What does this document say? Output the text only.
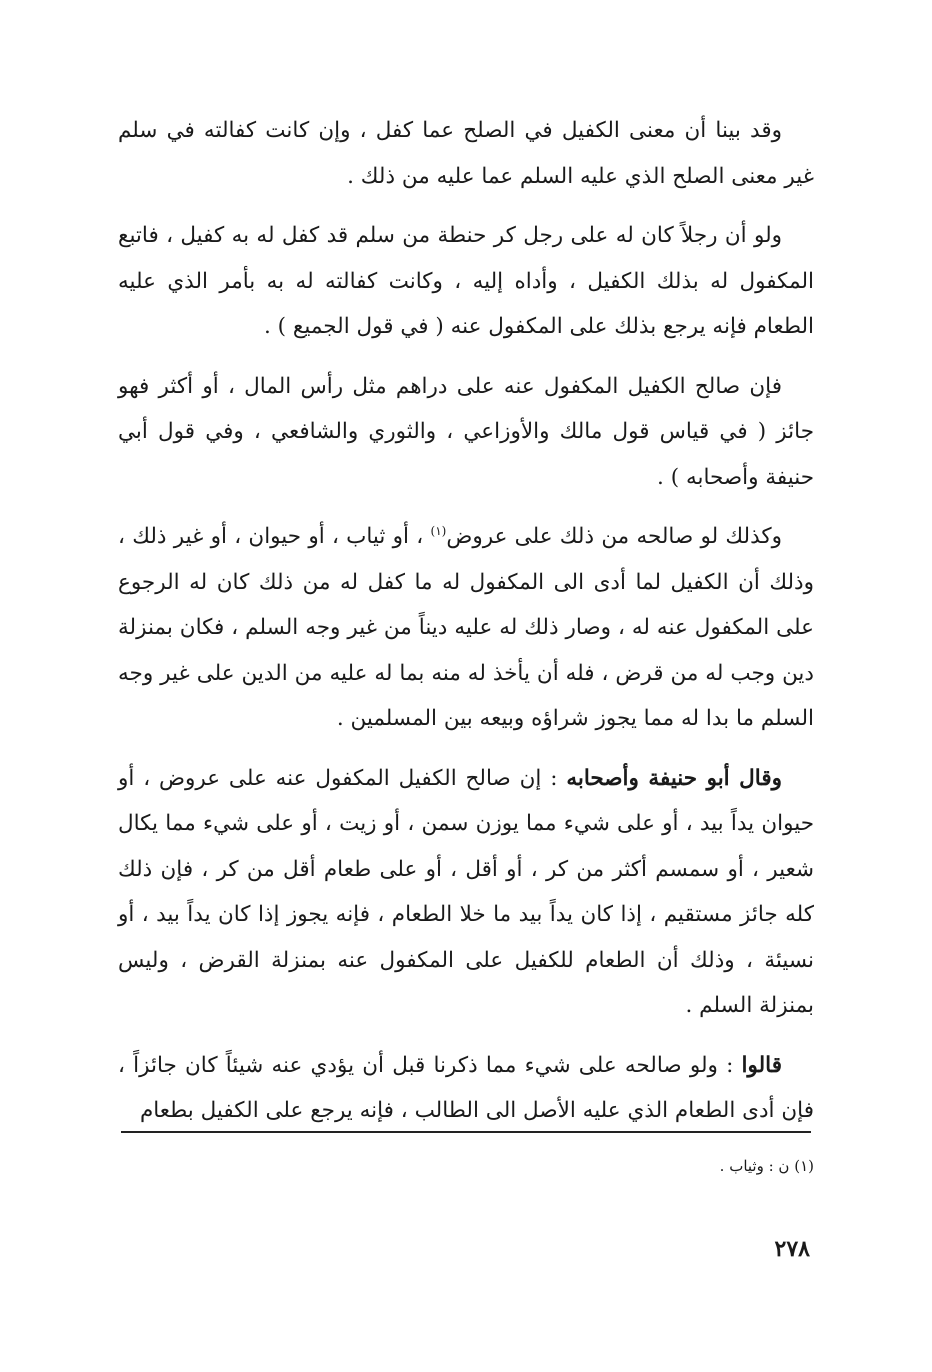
وقد بينا أن معنى الكفيل في الصلح عما كفل ، وإن كانت كفالته في سلم غير معنى الصلح الذي عليه السلم عما عليه من ذلك .

ولو أن رجلاً كان له على رجل كر حنطة من سلم قد كفل له به كفيل ، فاتبع المكفول له بذلك الكفيل ، وأداه إليه ، وكانت كفالته له به بأمر الذي عليه الطعام فإنه يرجع بذلك على المكفول عنه ( في قول الجميع ) .

فإن صالح الكفيل المكفول عنه على دراهم مثل رأس المال ، أو أكثر فهو جائز ( في قياس قول مالك والأوزاعي ، والثوري والشافعي ، وفي قول أبي حنيفة وأصحابه ) .

وكذلك لو صالحه من ذلك على عروض$^{(١)}$ ، أو ثياب ، أو حيوان ، أو غير ذلك ، وذلك أن الكفيل لما أدى الى المكفول له ما كفل له من ذلك كان له الرجوع على المكفول عنه له ، وصار ذلك له عليه ديناً من غير وجه السلم ، فكان بمنزلة دين وجب له من قرض ، فله أن يأخذ له منه بما له عليه من الدين على غير وجه السلم ما بدا له مما يجوز شراؤه وبيعه بين المسلمين .

وقال أبو حنيفة وأصحابه : إن صالح الكفيل المكفول عنه على عروض ، أو حيوان يداً بيد ، أو على شيء مما يوزن سمن ، أو زيت ، أو على شيء مما يكال شعير ، أو سمسم أكثر من كر ، أو أقل ، أو على طعام أقل من كر ، فإن ذلك كله جائز مستقيم ، إذا كان يداً بيد ما خلا الطعام ، فإنه يجوز إذا كان يداً بيد ، أو نسيئة ، وذلك أن الطعام للكفيل على المكفول عنه بمنزلة القرض ، وليس بمنزلة السلم .

قالوا : ولو صالحه على شيء مما ذكرنا قبل أن يؤدي عنه شيئاً كان جائزاً ، فإن أدى الطعام الذي عليه الأصل الى الطالب ، فإنه يرجع على الكفيل بطعام

(١) ن : وثياب .
٢٧٨
